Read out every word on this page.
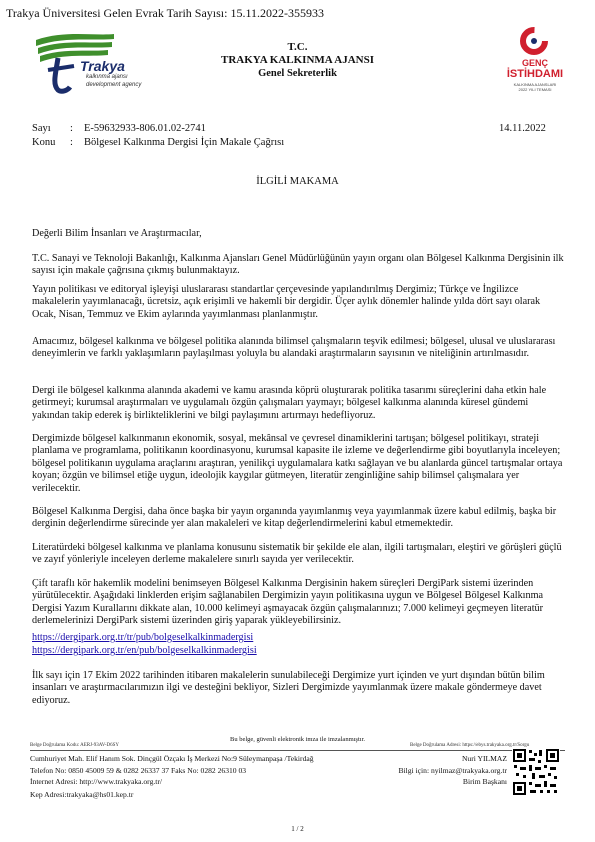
Trakya Üniversitesi Gelen Evrak Tarih Sayısı: 15.11.2022-355933
Trakya
kalkınma ajansı
development agency
T.C.
TRAKYA KALKINMA AJANSI
Genel Sekreterlik
GENÇ
İSTİHDAMI
KALKINMA AJANSLARI
2022 YILI TEMASI
Sayı	:	E-59632933-806.01.02-2741
Konu	:	Bölgesel Kalkınma Dergisi İçin Makale Çağrısı
14.11.2022
İLGİLİ MAKAMA
Değerli Bilim İnsanları ve Araştırmacılar,
T.C. Sanayi ve Teknoloji Bakanlığı, Kalkınma Ajansları Genel Müdürlüğünün yayın organı olan Bölgesel Kalkınma Dergisinin ilk sayısı için makale çağrısına çıkmış bulunmaktayız.
Yayın politikası ve editoryal işleyişi uluslararası standartlar çerçevesinde yapılandırılmış Dergimiz; Türkçe ve İngilizce makalelerin yayımlanacağı, ücretsiz, açık erişimli ve hakemli bir dergidir. Üçer aylık dönemler halinde yılda dört sayı olarak Ocak, Nisan, Temmuz ve Ekim aylarında yayımlanması planlanmıştır.
Amacımız, bölgesel kalkınma ve bölgesel politika alanında bilimsel çalışmaların teşvik edilmesi; bölgesel, ulusal ve uluslararası deneyimlerin ve farklı yaklaşımların paylaşılması yoluyla bu alandaki araştırmaların sayısının ve niteliğinin artırılmasıdır.
Dergi ile bölgesel kalkınma alanında akademi ve kamu arasında köprü oluşturarak politika tasarımı süreçlerini daha etkin hale getirmeyi; kurumsal araştırmaları ve uygulamalı özgün çalışmaları yaymayı; bölgesel kalkınma alanında küresel gündemi yakından takip ederek iş birlikteliklerini ve bilgi paylaşımını artırmayı hedefliyoruz.
Dergimizde bölgesel kalkınmanın ekonomik, sosyal, mekânsal ve çevresel dinamiklerini tartışan; bölgesel politikayı, strateji planlama ve programlama, politikanın koordinasyonu, kurumsal kapasite ile izleme ve değerlendirme gibi boyutlarıyla inceleyen; bölgesel politikanın uygulama araçlarını araştıran, yenilikçi uygulamalara katkı sağlayan ve bu alanlarda güncel tartışmalar ortaya koyan; özgün ve bilimsel etiğe uygun, ideolojik kaygılar gütmeyen, literatür zenginliğine sahip bilimsel çalışmalara yer verilecektir.
Bölgesel Kalkınma Dergisi, daha önce başka bir yayın organında yayımlanmış veya yayımlanmak üzere kabul edilmiş, başka bir derginin değerlendirme sürecinde yer alan makaleleri ve kitap değerlendirmelerini kabul etmemektedir.
Literatürdeki bölgesel kalkınma ve planlama konusunu sistematik bir şekilde ele alan, ilgili tartışmaları, eleştiri ve görüşleri güçlü ve zayıf yönleriyle inceleyen derleme makalelere sınırlı sayıda yer verilecektir.
Çift taraflı kör hakemlik modelini benimseyen Bölgesel Kalkınma Dergisinin hakem süreçleri DergiPark sistemi üzerinden yürütülecektir. Aşağıdaki linklerden erişim sağlanabilen Dergimizin yayın politikasına uygun ve Bölgesel Bölgesel Kalkınma Dergisi Yazım Kurallarını dikkate alan, 10.000 kelimeyi aşmayacak özgün çalışmalarınızı; 7.000 kelimeyi geçmeyen literatür derlemelerinizi DergiPark sistemi üzerinden giriş yaparak yükleyebilirsiniz.
https://dergipark.org.tr/tr/pub/bolgeselkalkinmadergisi
https://dergipark.org.tr/en/pub/bolgeselkalkinmadergisi
İlk sayı için 17 Ekim 2022 tarihinden itibaren makalelerin sunulabileceği Dergimize yurt içinden ve yurt dışından bütün bilim insanları ve araştırmacılarımızın ilgi ve desteğini bekliyor, Sizleri Dergimizde yayımlanmak üzere makale göndermeye davet ediyoruz.
Bu belge, güvenli elektronik imza ile imzalanmıştır.
Belge Doğrulama Kodu: AERJ-93AV-D6SY	Belge Doğrulama Adresi: https://ebys.trakyaka.org.tr/Sorgu
Cumhuriyet Mah. Elif Hanım Sok. Dinçgül Özçakı İş Merkezi No:9 Süleymanpaşa /Tekirdağ
Telefon No: 0850 45009 59 & 0282 26337 37 Faks No: 0282 26310 03
İnternet Adresi: http://www.trakyaka.org.tr/
Kep Adresi:trakyaka@hs01.kep.tr
Nuri YILMAZ
Bilgi için: nyilmaz@trakyaka.org.tr
Birim Başkanı
1 / 2
